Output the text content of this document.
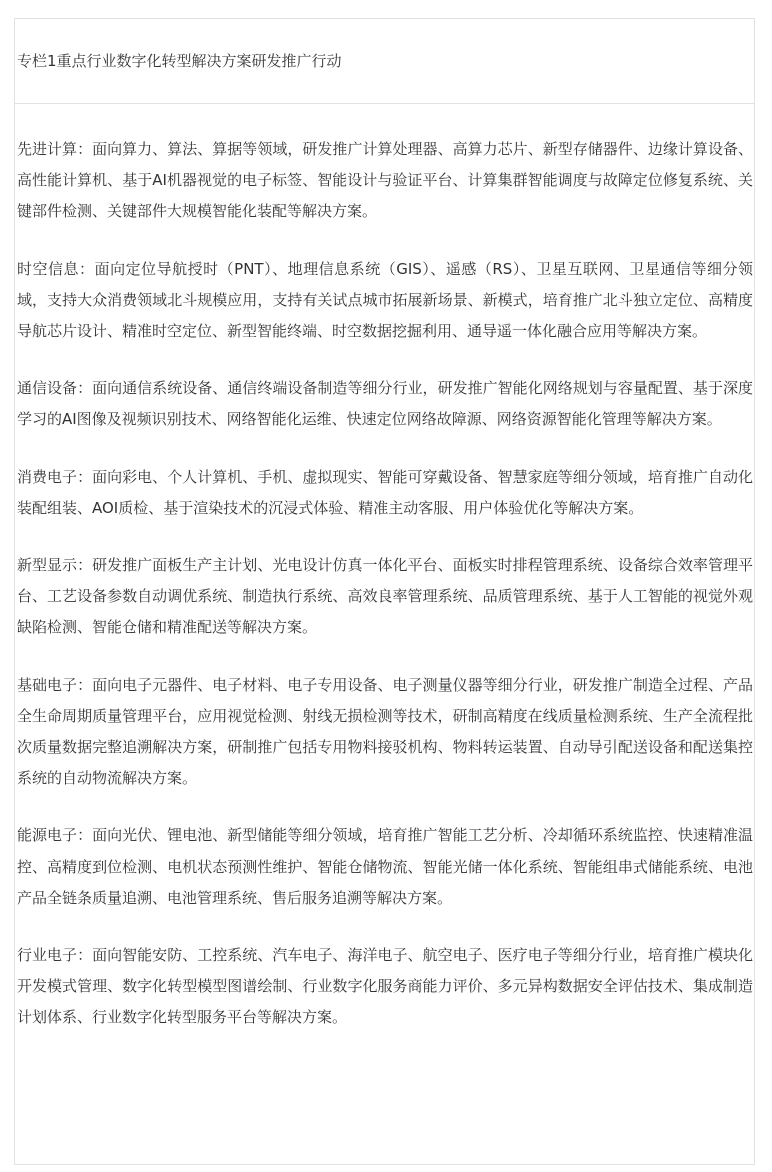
专栏1重点行业数字化转型解决方案研发推广行动

先进计算：面向算力、算法、算据等领域，研发推广计算处理器、高算力芯片、新型存储器件、边缘计算设备、高性能计算机、基于AI机器视觉的电子标签、智能设计与验证平台、计算集群智能调度与故障定位修复系统、关键部件检测、关键部件大规模智能化装配等解决方案。

时空信息：面向定位导航授时（PNT）、地理信息系统（GIS）、遥感（RS）、卫星互联网、卫星通信等细分领域，支持大众消费领域北斗规模应用，支持有关试点城市拓展新场景、新模式，培育推广北斗独立定位、高精度导航芯片设计、精准时空定位、新型智能终端、时空数据挖掘利用、通导遥一体化融合应用等解决方案。

通信设备：面向通信系统设备、通信终端设备制造等细分行业，研发推广智能化网络规划与容量配置、基于深度学习的AI图像及视频识别技术、网络智能化运维、快速定位网络故障源、网络资源智能化管理等解决方案。

消费电子：面向彩电、个人计算机、手机、虚拟现实、智能可穿戴设备、智慧家庭等细分领域，培育推广自动化装配组装、AOI质检、基于渲染技术的沉浸式体验、精准主动客服、用户体验优化等解决方案。

新型显示：研发推广面板生产主计划、光电设计仿真一体化平台、面板实时排程管理系统、设备综合效率管理平台、工艺设备参数自动调优系统、制造执行系统、高效良率管理系统、品质管理系统、基于人工智能的视觉外观缺陷检测、智能仓储和精准配送等解决方案。

基础电子：面向电子元器件、电子材料、电子专用设备、电子测量仪器等细分行业，研发推广制造全过程、产品全生命周期质量管理平台，应用视觉检测、射线无损检测等技术，研制高精度在线质量检测系统、生产全流程批次质量数据完整追溯解决方案，研制推广包括专用物料接驳机构、物料转运装置、自动导引配送设备和配送集控系统的自动物流解决方案。

能源电子：面向光伏、锂电池、新型储能等细分领域，培育推广智能工艺分析、冷却循环系统监控、快速精准温控、高精度到位检测、电机状态预测性维护、智能仓储物流、智能光储一体化系统、智能组串式储能系统、电池产品全链条质量追溯、电池管理系统、售后服务追溯等解决方案。

行业电子：面向智能安防、工控系统、汽车电子、海洋电子、航空电子、医疗电子等细分行业，培育推广模块化开发模式管理、数字化转型模型图谱绘制、行业数字化服务商能力评价、多元异构数据安全评估技术、集成制造计划体系、行业数字化转型服务平台等解决方案。
